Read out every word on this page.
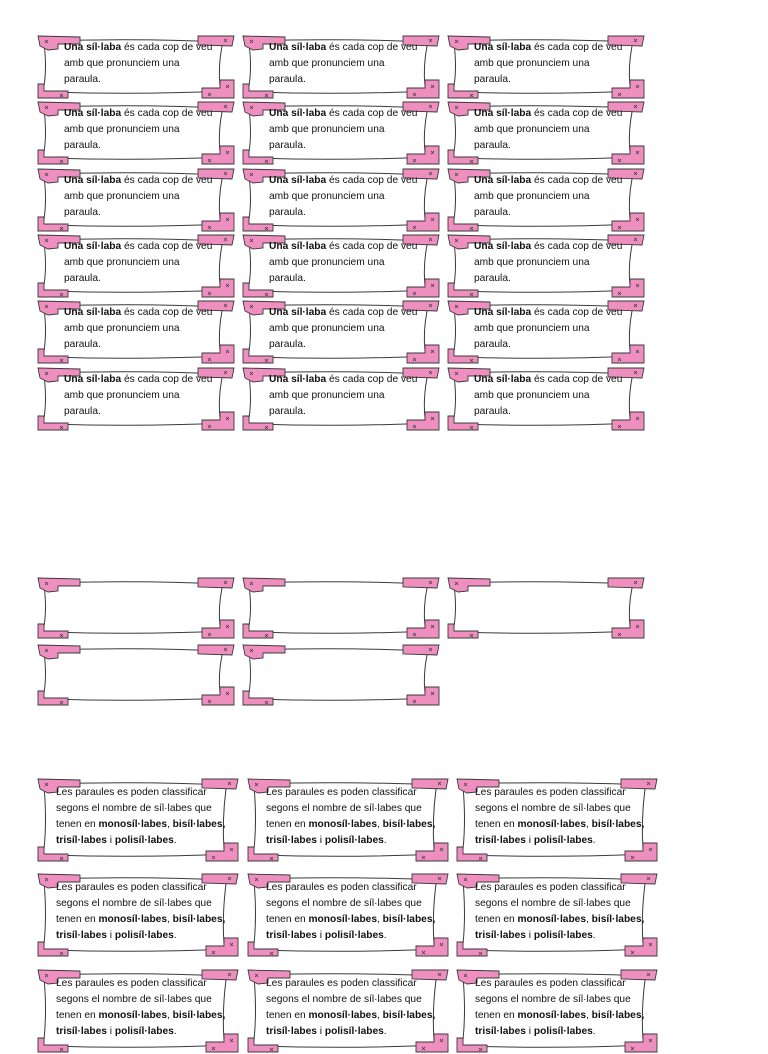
Una síl·laba és cada cop de veu
amb que pronunciem una
paraula.
Una síl·laba és cada cop de veu
amb que pronunciem una
paraula.
Una síl·laba és cada cop de veu
amb que pronunciem una
paraula.
Una síl·laba és cada cop de veu
amb que pronunciem una
paraula.
Una síl·laba és cada cop de veu
amb que pronunciem una
paraula.
Una síl·laba és cada cop de veu
amb que pronunciem una
paraula.
Una síl·laba és cada cop de veu
amb que pronunciem una
paraula.
Una síl·laba és cada cop de veu
amb que pronunciem una
paraula.
Una síl·laba és cada cop de veu
amb que pronunciem una
paraula.
Una síl·laba és cada cop de veu
amb que pronunciem una
paraula.
Una síl·laba és cada cop de veu
amb que pronunciem una
paraula.
Una síl·laba és cada cop de veu
amb que pronunciem una
paraula.
Una síl·laba és cada cop de veu
amb que pronunciem una
paraula.
Una síl·laba és cada cop de veu
amb que pronunciem una
paraula.
Una síl·laba és cada cop de veu
amb que pronunciem una
paraula.
Una síl·laba és cada cop de veu
amb que pronunciem una
paraula.
Una síl·laba és cada cop de veu
amb que pronunciem una
paraula.
Una síl·laba és cada cop de veu
amb que pronunciem una
paraula.
Les paraules es poden classificar
segons el nombre de síl·labes que
tenen en monosíl·labes, bisíl·labes,
trisíl·labes i polisíl·labes.
Les paraules es poden classificar
segons el nombre de síl·labes que
tenen en monosíl·labes, bisíl·labes,
trisíl·labes i polisíl·labes.
Les paraules es poden classificar
segons el nombre de síl·labes que
tenen en monosíl·labes, bisíl·labes,
trisíl·labes i polisíl·labes.
Les paraules es poden classificar
segons el nombre de síl·labes que
tenen en monosíl·labes, bisíl·labes,
trisíl·labes i polisíl·labes.
Les paraules es poden classificar
segons el nombre de síl·labes que
tenen en monosíl·labes, bisíl·labes,
trisíl·labes i polisíl·labes.
Les paraules es poden classificar
segons el nombre de síl·labes que
tenen en monosíl·labes, bisíl·labes,
trisíl·labes i polisíl·labes.
Les paraules es poden classificar
segons el nombre de síl·labes que
tenen en monosíl·labes, bisíl·labes,
trisíl·labes i polisíl·labes.
Les paraules es poden classificar
segons el nombre de síl·labes que
tenen en monosíl·labes, bisíl·labes,
trisíl·labes i polisíl·labes.
Les paraules es poden classificar
segons el nombre de síl·labes que
tenen en monosíl·labes, bisíl·labes,
trisíl·labes i polisíl·labes.
